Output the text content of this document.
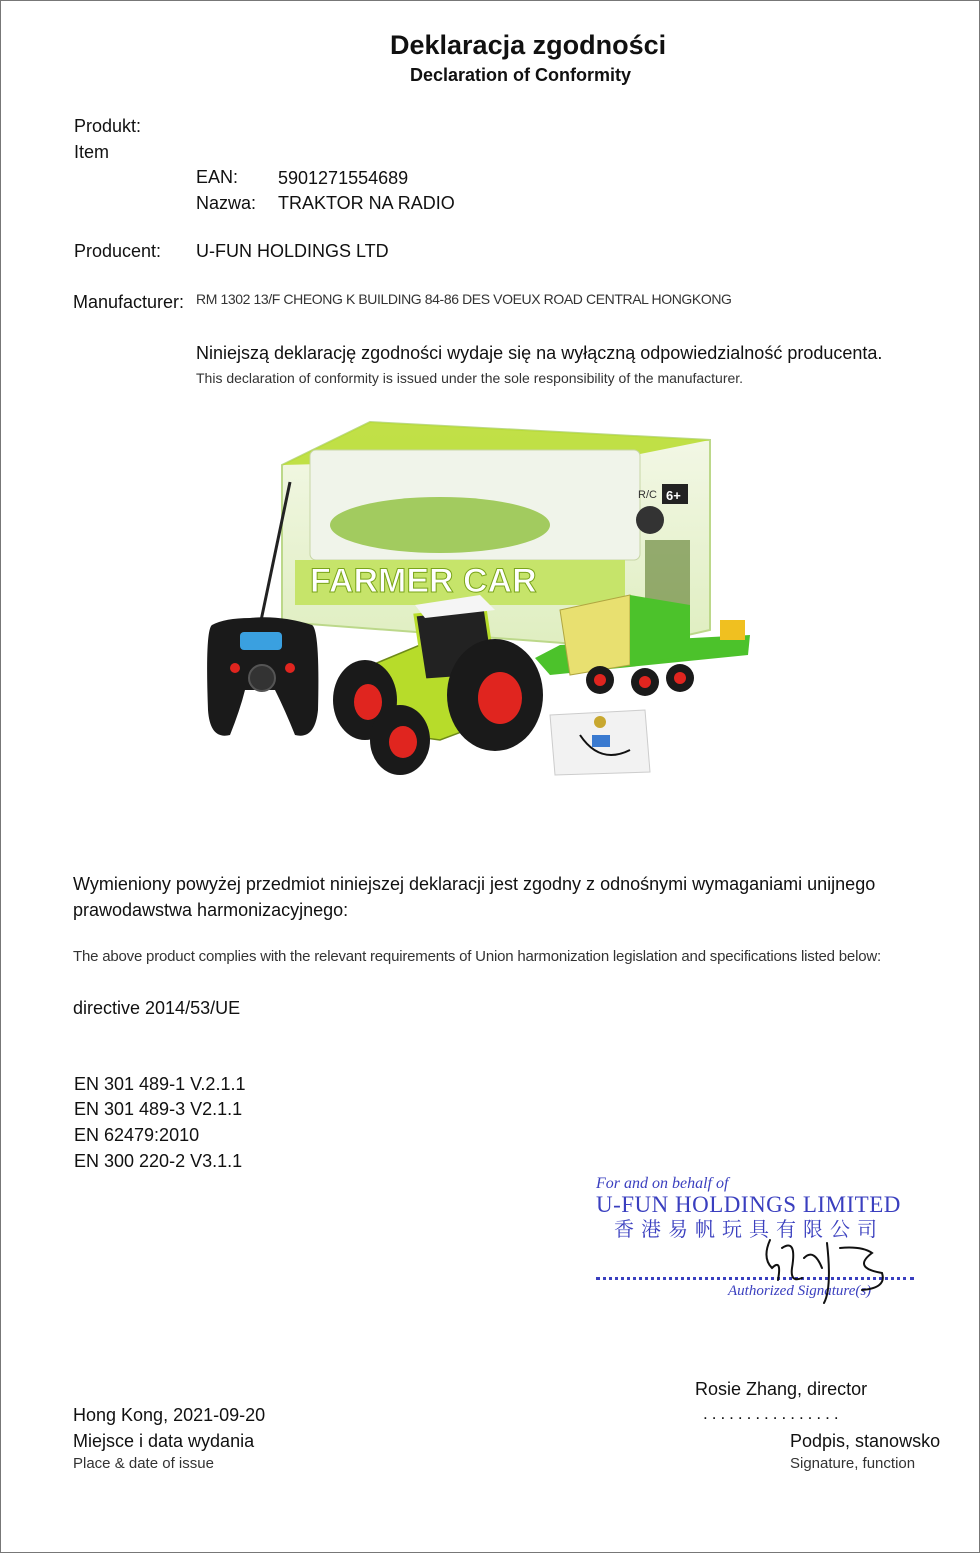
Deklaracja zgodności
Declaration of Conformity
Produkt:
Item
EAN: 5901271554689
Nazwa: TRAKTOR NA RADIO
Producent: U-FUN HOLDINGS LTD
Manufacturer: RM 1302 13/F CHEONG K BUILDING 84-86 DES VOEUX ROAD CENTRAL HONGKONG
Niniejszą deklarację zgodności wydaje się na wyłączną odpowiedzialność producenta.
This declaration of conformity is issued under the sole responsibility of the manufacturer.
FARMER CAR
R/C 6+
Wymieniony powyżej przedmiot niniejszej deklaracji jest zgodny z odnośnymi wymaganiami unijnego
prawodawstwa harmonizacyjnego:
The above product complies with the relevant requirements of Union harmonization legislation and specifications listed below:
directive 2014/53/UE
EN 301 489-1 V.2.1.1
EN 301 489-3 V2.1.1
EN 62479:2010
EN 300 220-2 V3.1.1
For and on behalf of
U-FUN HOLDINGS LIMITED
香港易帆玩具有限公司
Authorized Signature(s)
Rosie Zhang, director
................
Hong Kong, 2021-09-20
Miejsce i data wydania	Podpis, stanowsko
Place & date of issue	Signature, function
